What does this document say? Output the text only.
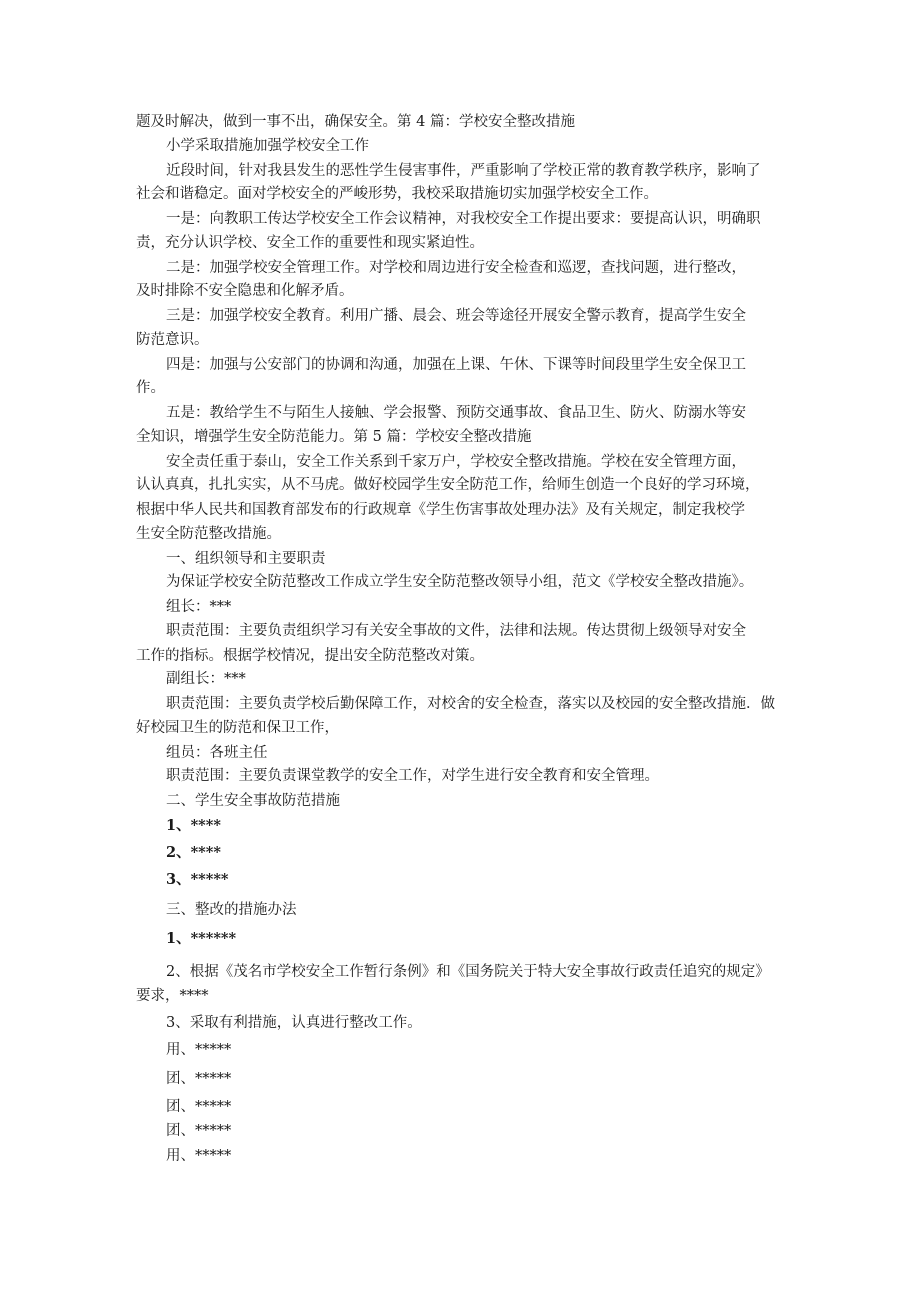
题及时解决，做到一事不出，确保安全。第 4 篇：学校安全整改措施
小学采取措施加强学校安全工作
近段时间，针对我县发生的恶性学生侵害事件，严重影响了学校正常的教育教学秩序，影响了
社会和谐稳定。面对学校安全的严峻形势，我校采取措施切实加强学校安全工作。
一是：向教职工传达学校安全工作会议精神，对我校安全工作提出要求：要提高认识，明确职
责，充分认识学校、安全工作的重要性和现实紧迫性。
二是：加强学校安全管理工作。对学校和周边进行安全检查和巡逻，查找问题，进行整改，
及时排除不安全隐患和化解矛盾。
三是：加强学校安全教育。利用广播、晨会、班会等途径开展安全警示教育，提高学生安全
防范意识。
四是：加强与公安部门的协调和沟通，加强在上课、午休、下课等时间段里学生安全保卫工
作。
五是：教给学生不与陌生人接触、学会报警、预防交通事故、食品卫生、防火、防溺水等安
全知识，增强学生安全防范能力。第 5 篇：学校安全整改措施
安全责任重于泰山，安全工作关系到千家万户，学校安全整改措施。学校在安全管理方面，
认认真真，扎扎实实，从不马虎。做好校园学生安全防范工作，给师生创造一个良好的学习环境，
根据中华人民共和国教育部发布的行政规章《学生伤害事故处理办法》及有关规定，制定我校学
生安全防范整改措施。
一、组织领导和主要职责
为保证学校安全防范整改工作成立学生安全防范整改领导小组，范文《学校安全整改措施》。
组长：***
职责范围：主要负责组织学习有关安全事故的文件，法律和法规。传达贯彻上级领导对安全
工作的指标。根据学校情况，提出安全防范整改对策。
副组长：***
职责范围：主要负责学校后勤保障工作，对校舍的安全检查，落实以及校园的安全整改措施．做
好校园卫生的防范和保卫工作，
组员：各班主任
职责范围：主要负责课堂教学的安全工作，对学生进行安全教育和安全管理。
二、学生安全事故防范措施
1、****
2、****
3、*****
三、整改的措施办法
1、******
2、根据《茂名市学校安全工作暂行条例》和《国务院关于特大安全事故行政责任追究的规定》
要求，****
3、采取有利措施，认真进行整改工作。
用、*****
团、*****
团、*****
团、*****
用、*****
